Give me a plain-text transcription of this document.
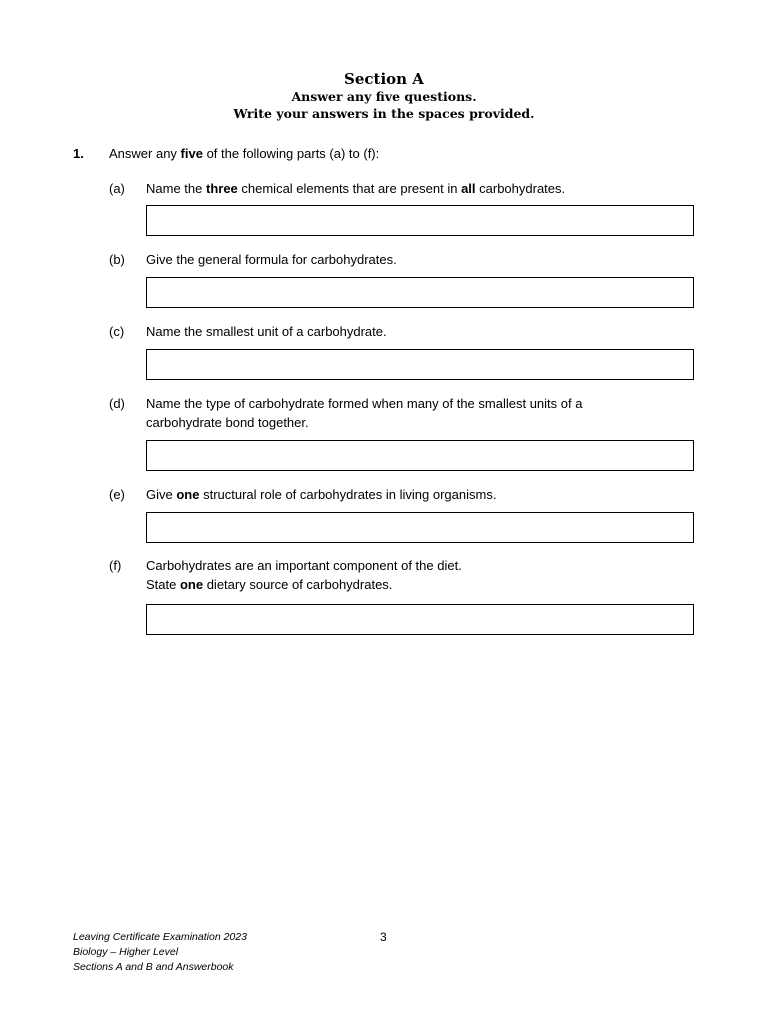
Section A
Answer any five questions.
Write your answers in the spaces provided.
1. Answer any five of the following parts (a) to (f):
(a) Name the three chemical elements that are present in all carbohydrates.
(b) Give the general formula for carbohydrates.
(c) Name the smallest unit of a carbohydrate.
(d) Name the type of carbohydrate formed when many of the smallest units of a
carbohydrate bond together.
(e) Give one structural role of carbohydrates in living organisms.
(f) Carbohydrates are an important component of the diet.
State one dietary source of carbohydrates.
Leaving Certificate Examination 2023
Biology – Higher Level
Sections A and B and Answerbook
3
